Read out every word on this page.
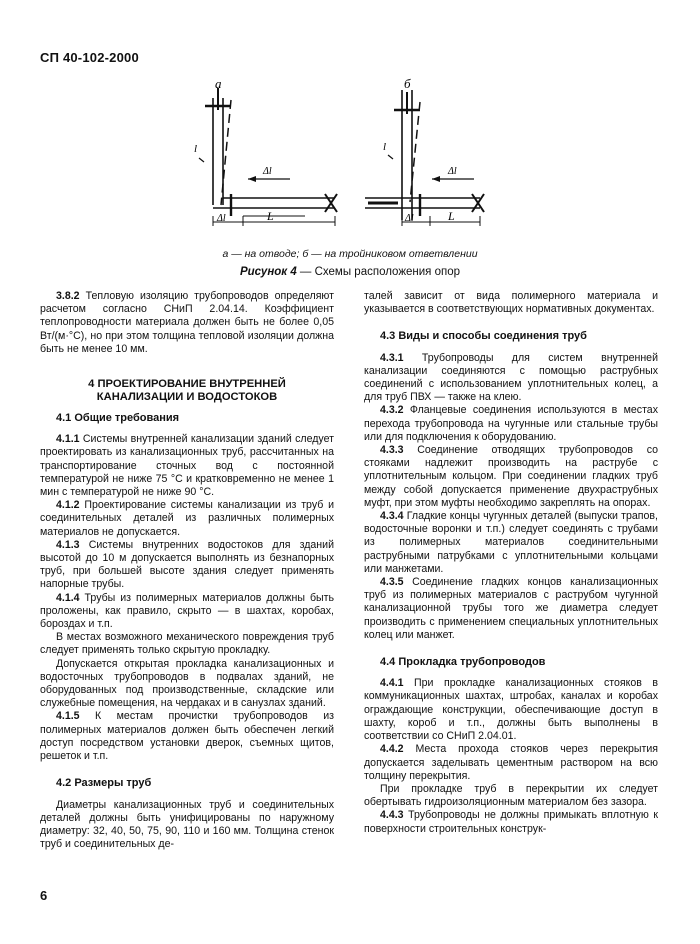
СП 40-102-2000
а
l
Δl
Δl	L
б
l
Δl
Δl	L
а — на отводе; б — на тройниковом ответвлении
Рисунок 4 — Схемы расположения опор

3.8.2 Тепловую изоляцию трубопроводов определяют расчетом согласно СНиП 2.04.14. Коэффициент теплопроводности материала должен быть не более 0,05 Вт/(м·°С), но при этом толщина тепловой изоляции должна быть не менее 10 мм.

4 ПРОЕКТИРОВАНИЕ ВНУТРЕННЕЙ
КАНАЛИЗАЦИИ И ВОДОСТОКОВ
4.1 Общие требования

4.1.1 Системы внутренней канализации зданий следует проектировать из канализационных труб, рассчитанных на транспортирование сточных вод с постоянной температурой не ниже 75 °С и кратковременно не менее 1 мин с температурой не ниже 90 °С.

4.1.2 Проектирование системы канализации из труб и соединительных деталей из различных полимерных материалов не допускается.

4.1.3 Системы внутренних водостоков для зданий высотой до 10 м допускается выполнять из безнапорных труб, при большей высоте здания следует применять напорные трубы.

4.1.4 Трубы из полимерных материалов должны быть проложены, как правило, скрыто — в шахтах, коробах, бороздах и т.п.

В местах возможного механического повреждения труб следует применять только скрытую прокладку.

Допускается открытая прокладка канализационных и водосточных трубопроводов в подвалах зданий, не оборудованных под производственные, складские или служебные помещения, на чердаках и в санузлах зданий.

4.1.5 К местам прочистки трубопроводов из полимерных материалов должен быть обеспечен легкий доступ посредством установки дверок, съемных щитов, решеток и т.п.

4.2 Размеры труб

Диаметры канализационных труб и соединительных деталей должны быть унифицированы по наружному диаметру: 32, 40, 50, 75, 90, 110 и 160 мм. Толщина стенок труб и соединительных де-

талей зависит от вида полимерного материала и указывается в соответствующих нормативных документах.

4.3 Виды и способы соединения труб

4.3.1 Трубопроводы для систем внутренней канализации соединяются с помощью раструбных соединений с использованием уплотнительных колец, а для труб ПВХ — также на клею.

4.3.2 Фланцевые соединения используются в местах перехода трубопровода на чугунные или стальные трубы или для подключения к оборудованию.

4.3.3 Соединение отводящих трубопроводов со стояками надлежит производить на раструбе с уплотнительным кольцом. При соединении гладких труб между собой допускается применение двухраструбных муфт, при этом муфты необходимо закреплять на опорах.

4.3.4 Гладкие концы чугунных деталей (выпуски трапов, водосточные воронки и т.п.) следует соединять с трубами из полимерных материалов соединительными раструбными патрубками с уплотнительными кольцами или манжетами.

4.3.5 Соединение гладких концов канализационных труб из полимерных материалов с раструбом чугунной канализационной трубы того же диаметра следует производить с применением специальных уплотнительных колец или манжет.

4.4 Прокладка трубопроводов

4.4.1 При прокладке канализационных стояков в коммуникационных шахтах, штробах, каналах и коробах ограждающие конструкции, обеспечивающие доступ в шахту, короб и т.п., должны быть выполнены в соответствии со СНиП 2.04.01.

4.4.2 Места прохода стояков через перекрытия допускается заделывать цементным раствором на всю толщину перекрытия.

При прокладке труб в перекрытии их следует обертывать гидроизоляционным материалом без зазора.

4.4.3 Трубопроводы не должны примыкать вплотную к поверхности строительных конструк-

6
